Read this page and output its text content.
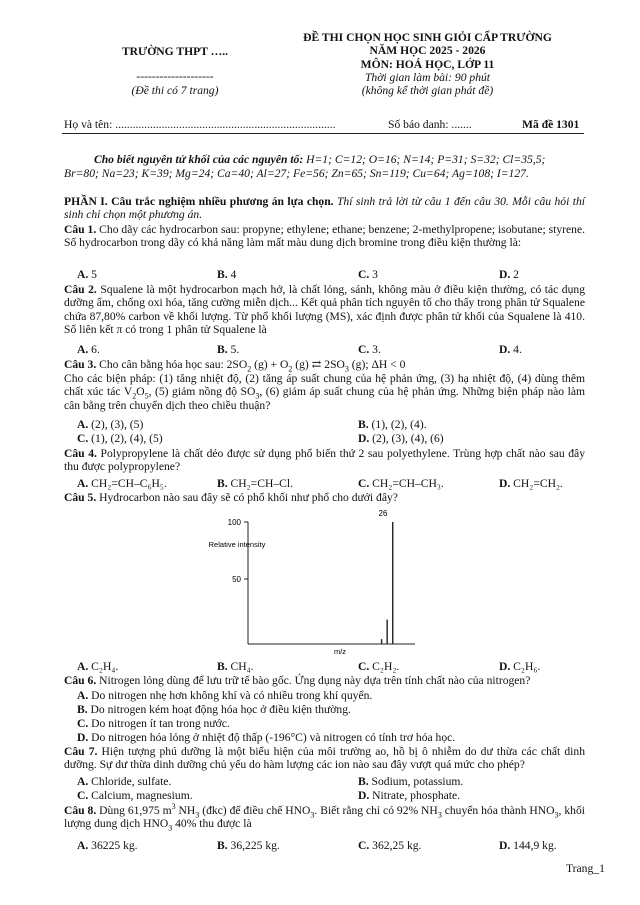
TRƯỜNG THPT …..
--------------------
(Đề thi có 7 trang)
ĐỀ THI CHỌN HỌC SINH GIỎI CẤP TRƯỜNG
NĂM HỌC 2025 - 2026
MÔN: HOÁ HỌC, LỚP 11
Thời gian làm bài: 90 phút
(không kể thời gian phát đề)
Họ và tên: ............................................................................	Số báo danh: .......	Mã đề 1301
Cho biết nguyên tử khối của các nguyên tố: H=1; C=12; O=16; N=14; P=31; S=32; Cl=35,5;
Br=80; Na=23; K=39; Mg=24; Ca=40; Al=27; Fe=56; Zn=65; Sn=119; Cu=64; Ag=108; I=127.
PHẦN I. Câu trắc nghiệm nhiều phương án lựa chọn. Thí sinh trả lời từ câu 1 đến câu 30. Mỗi câu hỏi thí sinh chỉ chọn một phương án.
Câu 1. Cho dãy các hydrocarbon sau: propyne; ethylene; ethane; benzene; 2-methylpropene; isobutane; styrene. Số hydrocarbon trong dãy có khả năng làm mất màu dung dịch bromine trong điều kiện thường là:
A. 5	B. 4	C. 3	D. 2
Câu 2. Squalene là một hydrocarbon mạch hở, là chất lỏng, sánh, không màu ở điều kiện thường, có tác dụng dưỡng ẩm, chống oxi hóa, tăng cường miễn dịch... Kết quả phân tích nguyên tố cho thấy trong phân tử Squalene chứa 87,80% carbon về khối lượng. Từ phổ khối lượng (MS), xác định được phân tử khối của Squalene là 410. Số liên kết π có trong 1 phân tử Squalene là
A. 6.	B. 5.	C. 3.	D. 4.
Câu 3. Cho cân bằng hóa học sau: $2SO_2$ $(g) + O_2$ (g) ⇄ $2SO_3$ (g); ΔH < 0
Cho các biện pháp: (1) tăng nhiệt độ, (2) tăng áp suất chung của hệ phản ứng, (3) hạ nhiệt độ, (4) dùng thêm chất xúc tác $V_2O_5$, (5) giảm nồng độ $SO_3$, (6) giảm áp suất chung của hệ phản ứng. Những biện pháp nào làm cân bằng trên chuyển dịch theo chiều thuận?
A. (2), (3), (5)	B. (1), (2), (4).
C. (1), (2), (4), (5)	D. (2), (3), (4), (6)
Câu 4. Polypropylene là chất dẻo được sử dụng phổ biến thứ 2 sau polyethylene. Trùng hợp chất nào sau đây thu được polypropylene?
A. CH₂=CH–C₆H₅.	B. CH₂=CH–Cl.	C. CH₂=CH–CH₃.	D. CH₂=CH₂.
Câu 5. Hydrocarbon nào sau đây sẽ có phổ khối như phổ cho dưới đây?
100
50
Relative intensity
26
m/z
A. C₂H₄.	B. CH₄.	C. C₂H₂.	D. C₂H₆.
Câu 6. Nitrogen lỏng dùng để lưu trữ tế bào gốc. Ứng dụng này dựa trên tính chất nào của nitrogen?
A. Do nitrogen nhẹ hơn không khí và có nhiều trong khí quyển.
B. Do nitrogen kém hoạt động hóa học ở điều kiện thường.
C. Do nitrogen ít tan trong nước.
D. Do nitrogen hóa lỏng ở nhiệt độ thấp (-196°C) và nitrogen có tính trơ hóa học.
Câu 7. Hiện tượng phú dưỡng là một biểu hiện của môi trường ao, hồ bị ô nhiễm do dư thừa các chất dinh dưỡng. Sự dư thừa dinh dưỡng chủ yếu do hàm lượng các ion nào sau đây vượt quá mức cho phép?
A. Chloride, sulfate.	B. Sodium, potassium.
C. Calcium, magnesium.	D. Nitrate, phosphate.
Câu 8. Dùng 61,975 $m^3$ $NH_3$ (đkc) để điều chế $HNO_3$. Biết rằng chỉ có 92% $NH_3$ chuyển hóa thành $HNO_3$, khối lượng dung dịch $HNO_3$ 40% thu được là
A. 36225 kg.	B. 36,225 kg.	C. 362,25 kg.	D. 144,9 kg.
Trang_1
